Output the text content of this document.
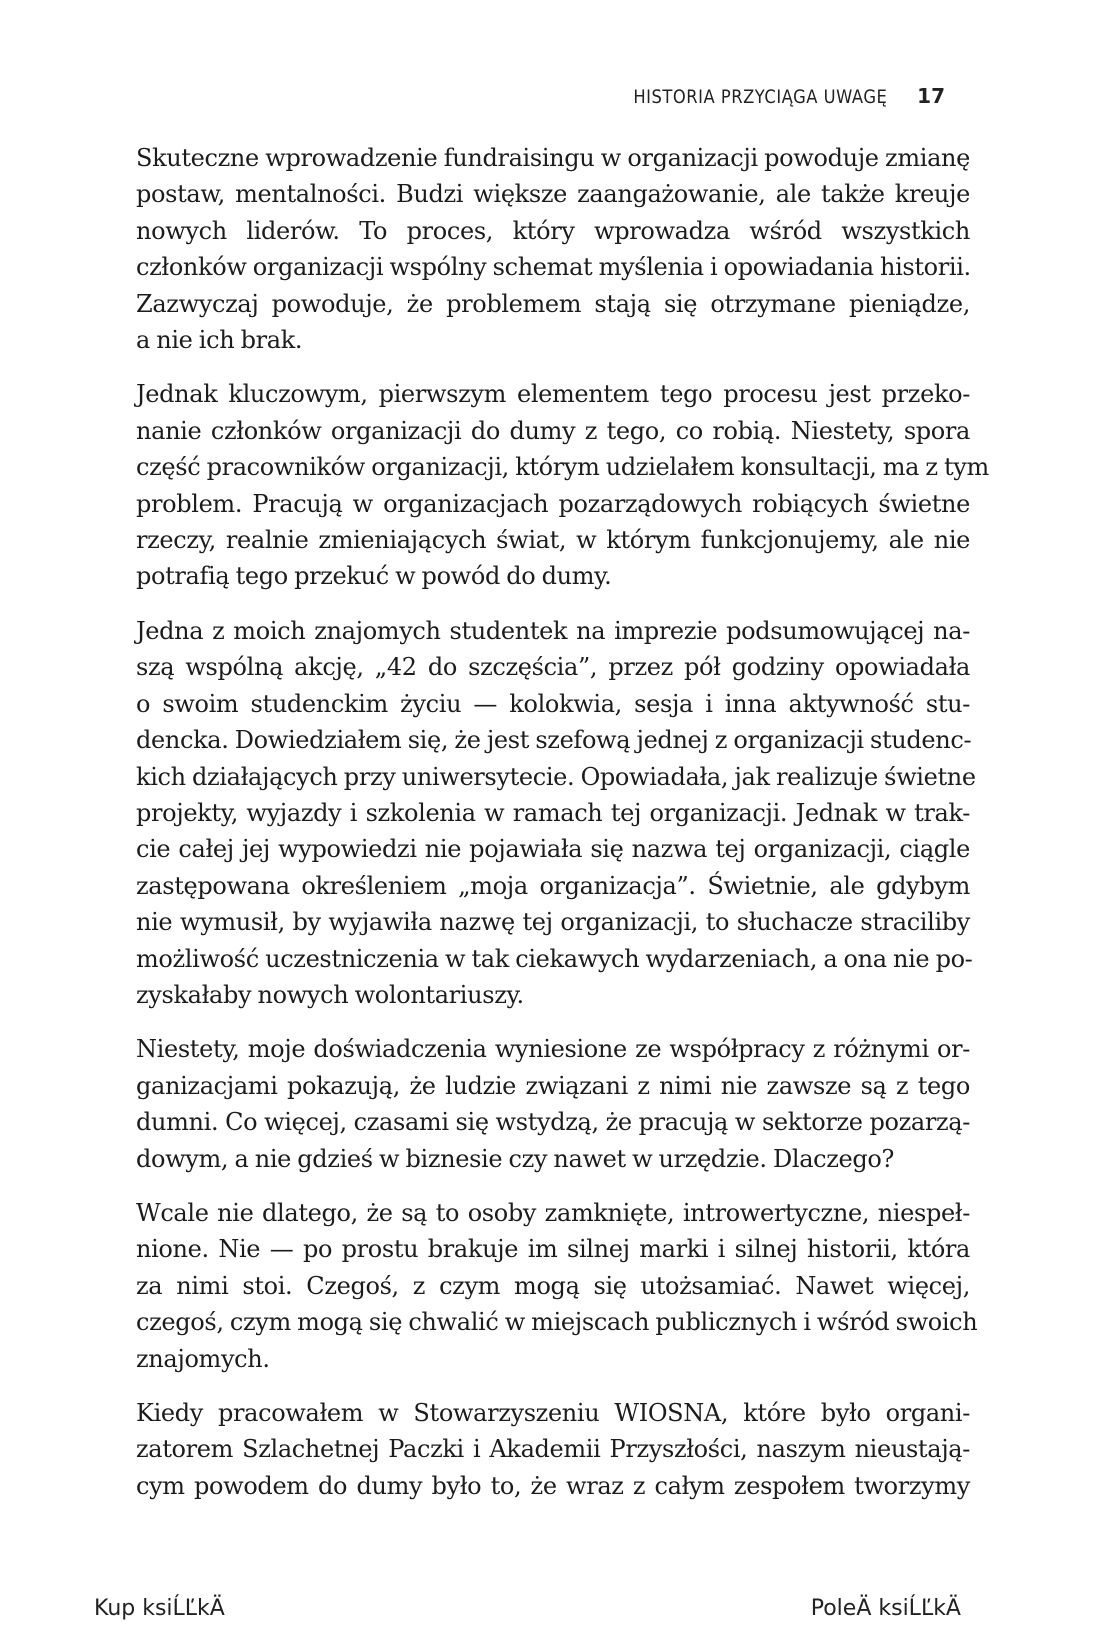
HISTORIA PRZYCIĄGA UWAGĘ 17

Skuteczne wprowadzenie fundraisingu w organizacji powoduje zmianę
postaw, mentalności. Budzi większe zaangażowanie, ale także kreuje
nowych liderów. To proces, który wprowadza wśród wszystkich
członków organizacji wspólny schemat myślenia i opowiadania historii.
Zazwyczaj powoduje, że problemem stają się otrzymane pieniądze,
a nie ich brak.

Jednak kluczowym, pierwszym elementem tego procesu jest przeko-
nanie członków organizacji do dumy z tego, co robią. Niestety, spora
część pracowników organizacji, którym udzielałem konsultacji, ma z tym
problem. Pracują w organizacjach pozarządowych robiących świetne
rzeczy, realnie zmieniających świat, w którym funkcjonujemy, ale nie
potrafią tego przekuć w powód do dumy.

Jedna z moich znajomych studentek na imprezie podsumowującej na-
szą wspólną akcję, „42 do szczęścia”, przez pół godziny opowiadała
o swoim studenckim życiu — kolokwia, sesja i inna aktywność stu-
dencka. Dowiedziałem się, że jest szefową jednej z organizacji studenc-
kich działających przy uniwersytecie. Opowiadała, jak realizuje świetne
projekty, wyjazdy i szkolenia w ramach tej organizacji. Jednak w trak-
cie całej jej wypowiedzi nie pojawiała się nazwa tej organizacji, ciągle
zastępowana określeniem „moja organizacja”. Świetnie, ale gdybym
nie wymusił, by wyjawiła nazwę tej organizacji, to słuchacze straciliby
możliwość uczestniczenia w tak ciekawych wydarzeniach, a ona nie po-
zyskałaby nowych wolontariuszy.

Niestety, moje doświadczenia wyniesione ze współpracy z różnymi or-
ganizacjami pokazują, że ludzie związani z nimi nie zawsze są z tego
dumni. Co więcej, czasami się wstydzą, że pracują w sektorze pozarzą-
dowym, a nie gdzieś w biznesie czy nawet w urzędzie. Dlaczego?

Wcale nie dlatego, że są to osoby zamknięte, introwertyczne, niespeł-
nione. Nie — po prostu brakuje im silnej marki i silnej historii, która
za nimi stoi. Czegoś, z czym mogą się utożsamiać. Nawet więcej,
czegoś, czym mogą się chwalić w miejscach publicznych i wśród swoich
znajomych.

Kiedy pracowałem w Stowarzyszeniu WIOSNA, które było organi-
zatorem Szlachetnej Paczki i Akademii Przyszłości, naszym nieustają-
cym powodem do dumy było to, że wraz z całym zespołem tworzymy

Kup ksiĹĽkÄ	PoleÄ ksiĹĽkÄ
